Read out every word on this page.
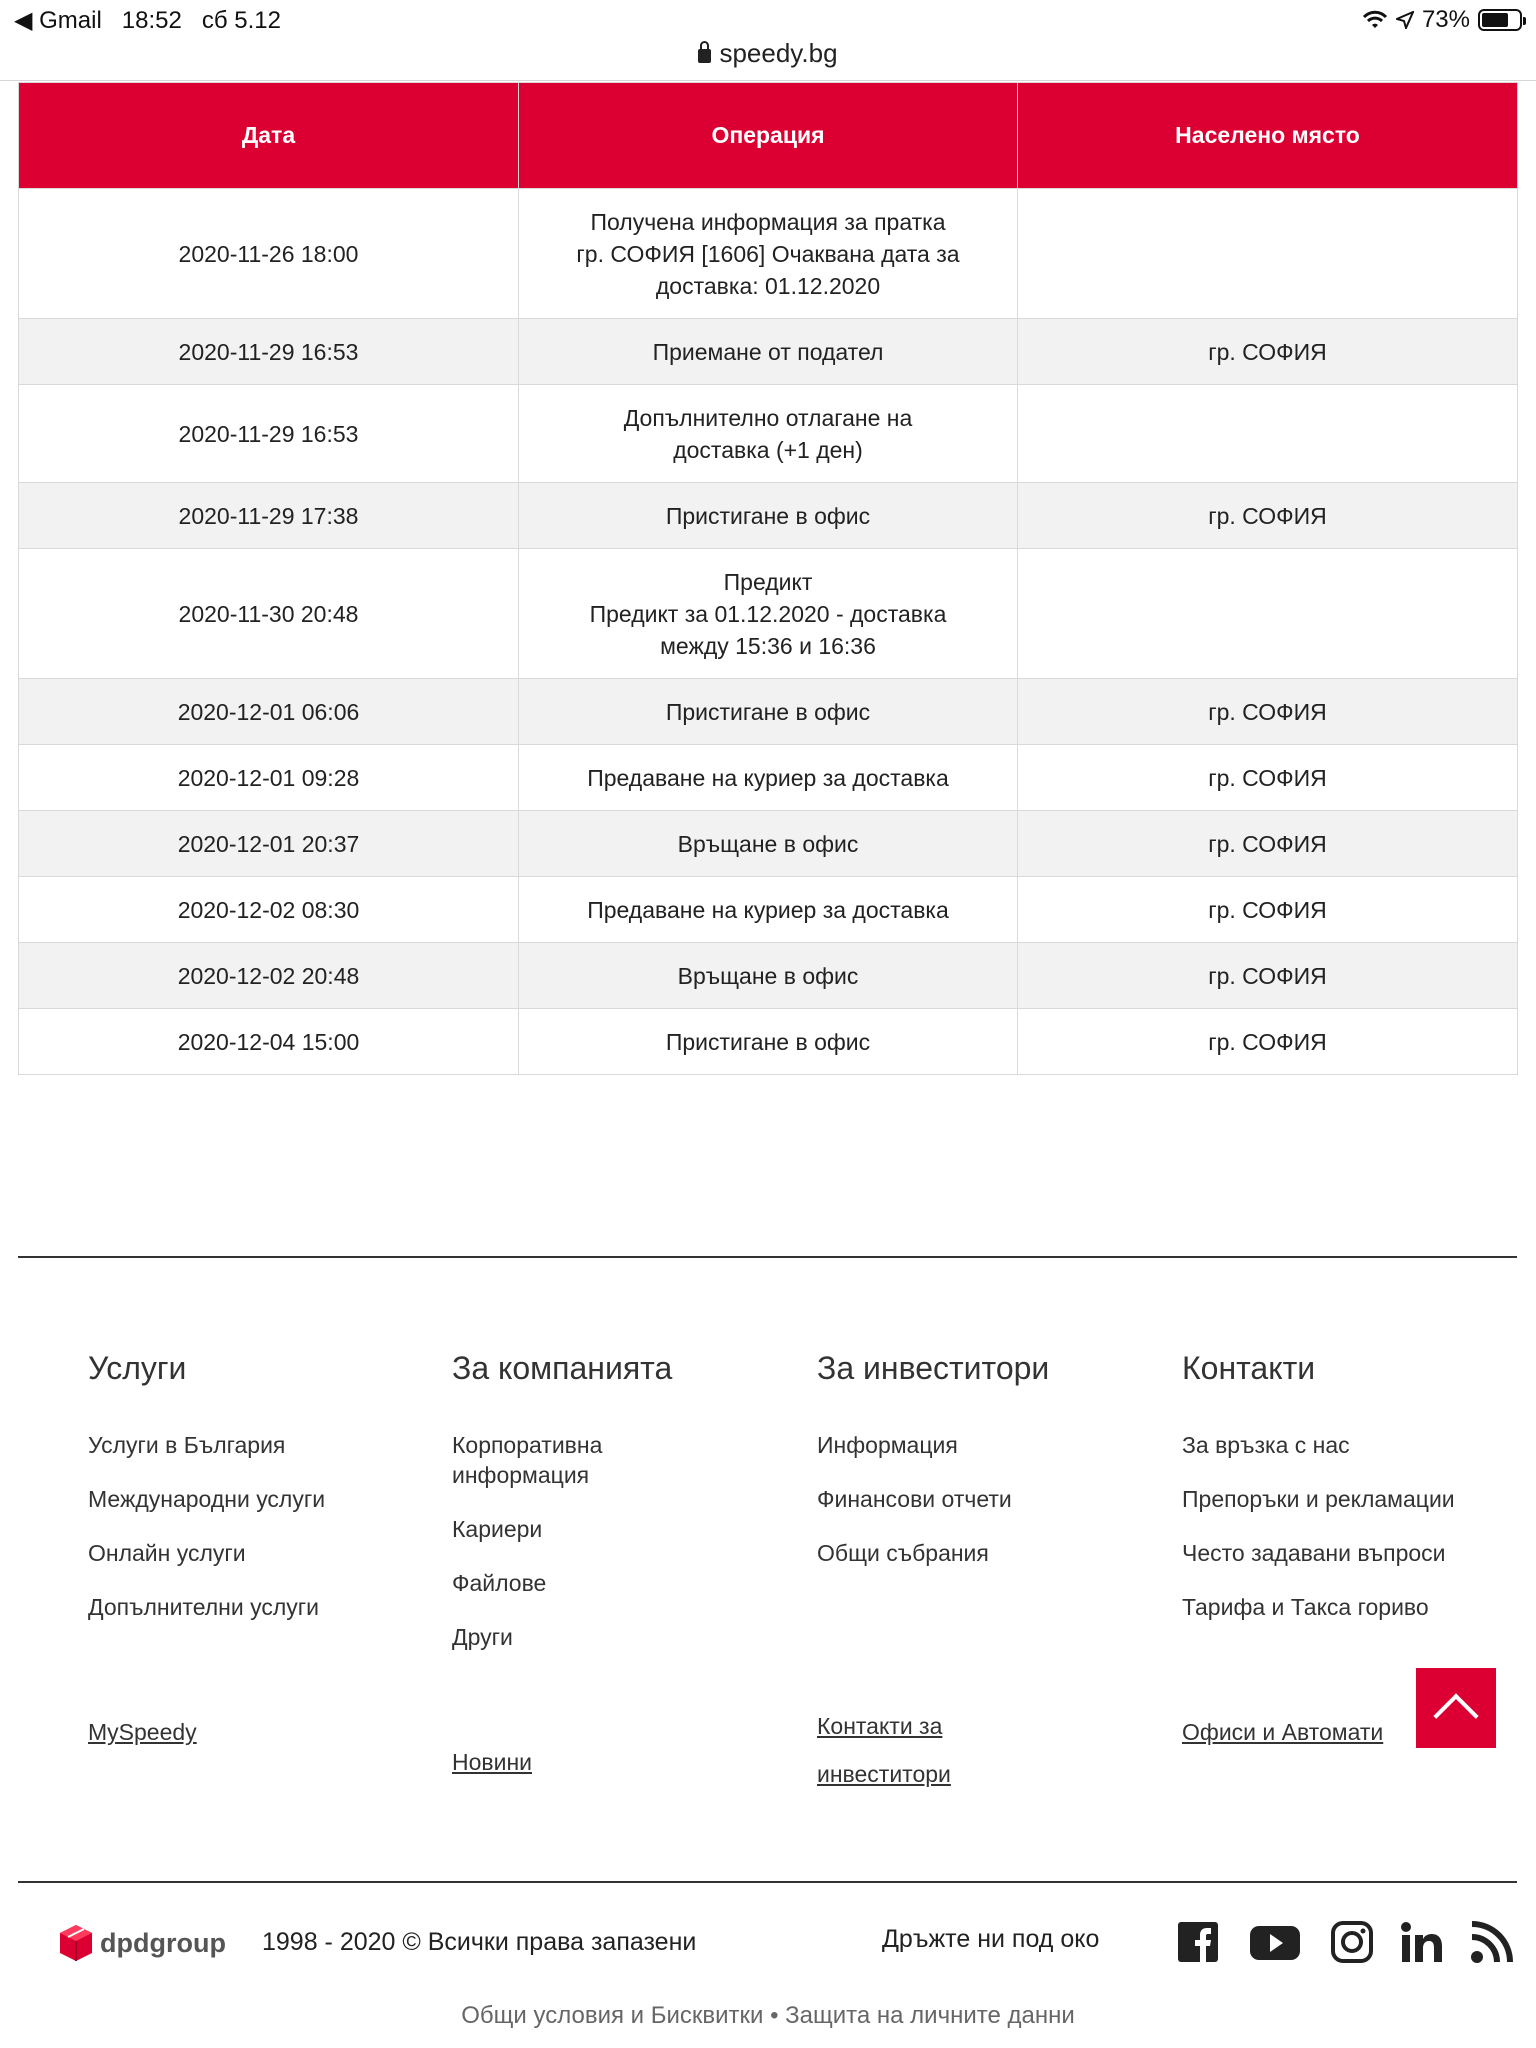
◀ Gmail 18:52 сб 5.12	73%
speedy.bg
Дата	Операция	Населено място
2020-11-26 18:00	Получена информация за пратка
гр. СОФИЯ [1606] Очаквана дата за
доставка: 01.12.2020	

2020-11-29 16:53	Приемане от подател	гр. СОФИЯ
2020-11-29 16:53	Допълнително отлагане на
доставка (+1 ден)	

2020-11-29 17:38	Пристигане в офис	гр. СОФИЯ
2020-11-30 20:48	Предикт
Предикт за 01.12.2020 - доставка
между 15:36 и 16:36	

2020-12-01 06:06	Пристигане в офис	гр. СОФИЯ
2020-12-01 09:28	Предаване на куриер за доставка	гр. СОФИЯ
2020-12-01 20:37	Връщане в офис	гр. СОФИЯ
2020-12-02 08:30	Предаване на куриер за доставка	гр. СОФИЯ
2020-12-02 20:48	Връщане в офис	гр. СОФИЯ
2020-12-04 15:00	Пристигане в офис	гр. СОФИЯ
Услуги
Услуги в България
Международни услуги
Онлайн услуги
Допълнителни услуги
MySpeedy
За компанията
Корпоративна информация
Кариери
Файлове
Други
Новини
За инвеститори
Информация
Финансови отчети
Общи събрания
Контакти за инвеститори
Контакти
За връзка с нас
Препоръки и рекламации
Често задавани въпроси
Тарифа и Такса гориво
Офиси и Автомати
dpdgroup 1998 - 2020 © Всички права запазени	Дръжте ни под око
Общи условия и Бисквитки • Защита на личните данни
